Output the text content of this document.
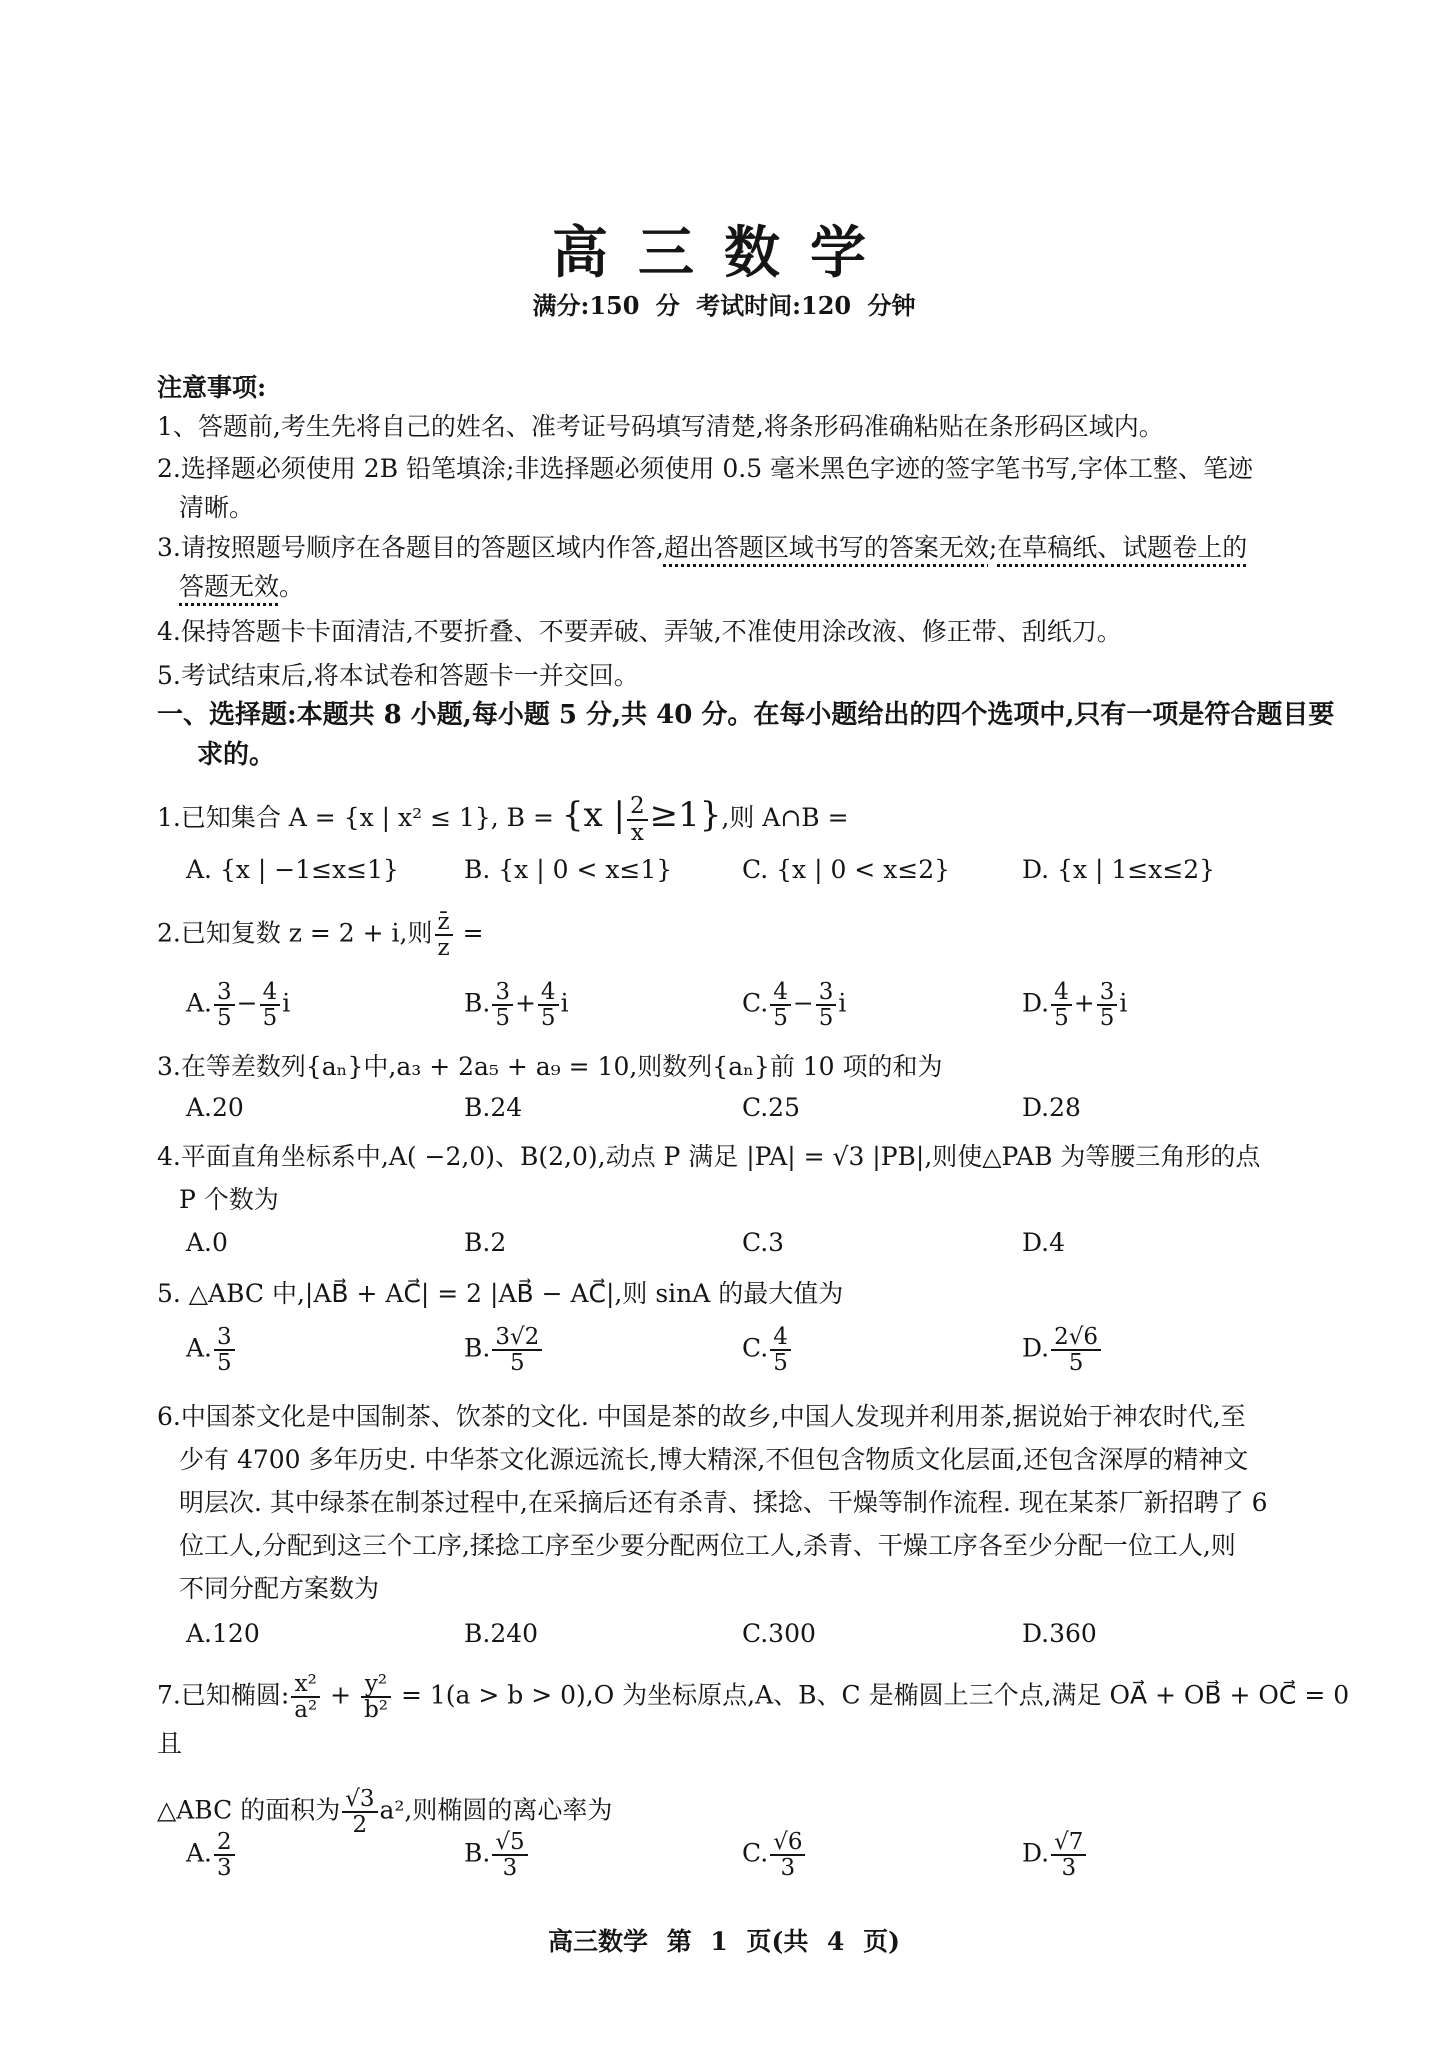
高三数学
满分:150 分 考试时间:120 分钟
注意事项:
1、答题前,考生先将自己的姓名、准考证号码填写清楚,将条形码准确粘贴在条形码区域内。
2.选择题必须使用 2B 铅笔填涂;非选择题必须使用 0.5 毫米黑色字迹的签字笔书写,字体工整、笔迹
清晰。
3.请按照题号顺序在各题目的答题区域内作答,超出答题区域书写的答案无效;在草稿纸、试题卷上的
答题无效。
4.保持答题卡卡面清洁,不要折叠、不要弄破、弄皱,不准使用涂改液、修正带、刮纸刀。
5.考试结束后,将本试卷和答题卡一并交回。
一、选择题:本题共 8 小题,每小题 5 分,共 40 分。在每小题给出的四个选项中,只有一项是符合题目要
求的。
1.已知集合 A = {x | x² ≤ 1}, B = {x | $\frac{2}{x} \ge 1$},则 A∩B =
A. {x | −1≤x≤1}	B. {x | 0 < x≤1}	C. {x | 0 < x≤2}	D. {x | 1≤x≤2}
2.已知复数 z = 2 + i,则 $\frac{z̄}{z}$ =
A. $\frac{3}{5} - \frac{4}{5}$ i	B. $\frac{3}{5} + \frac{4}{5}$ i	C. $\frac{4}{5} - \frac{3}{5}$ i	D. $\frac{4}{5} + \frac{3}{5}$ i
3.在等差数列{aₙ}中,a₃ + 2a₅ + a₉ = 10,则数列{aₙ}前 10 项的和为
A.20	B.24	C.25	D.28
4.平面直角坐标系中,A( −2,0)、B(2,0),动点 P 满足 |PA| = √3 |PB|,则使△PAB 为等腰三角形的点
P 个数为
A.0	B.2	C.3	D.4
5. △ABC 中,|AB⃗ + AC⃗| = 2 |AB⃗ − AC⃗|,则 sinA 的最大值为
A. $\frac{3}{5}$	B. $\frac{3√2}{5}$	C. $\frac{4}{5}$	D. $\frac{2√6}{5}$
6.中国茶文化是中国制茶、饮茶的文化. 中国是茶的故乡,中国人发现并利用茶,据说始于神农时代,至
少有 4700 多年历史. 中华茶文化源远流长,博大精深,不但包含物质文化层面,还包含深厚的精神文
明层次. 其中绿茶在制茶过程中,在采摘后还有杀青、揉捻、干燥等制作流程. 现在某茶厂新招聘了 6
位工人,分配到这三个工序,揉捻工序至少要分配两位工人,杀青、干燥工序各至少分配一位工人,则
不同分配方案数为
A.120	B.240	C.300	D.360
7.已知椭圆: $\frac{\text{x²}}{\text{a²}} + \frac{\text{y²}}{\text{b²}} = 1(a > b > 0),O$ 为坐标原点,A、B、C 是椭圆上三个点,满足 OA⃗ + OB⃗ + OC⃗ = 0 且
△ABC 的面积为 $\frac{√3}{2} a^2$,则椭圆的离心率为
A. $\frac{2}{3}$	B. $\frac{√5}{3}$	C. $\frac{√6}{3}$	D. $\frac{√7}{3}$
高三数学 第 1 页(共 4 页)
